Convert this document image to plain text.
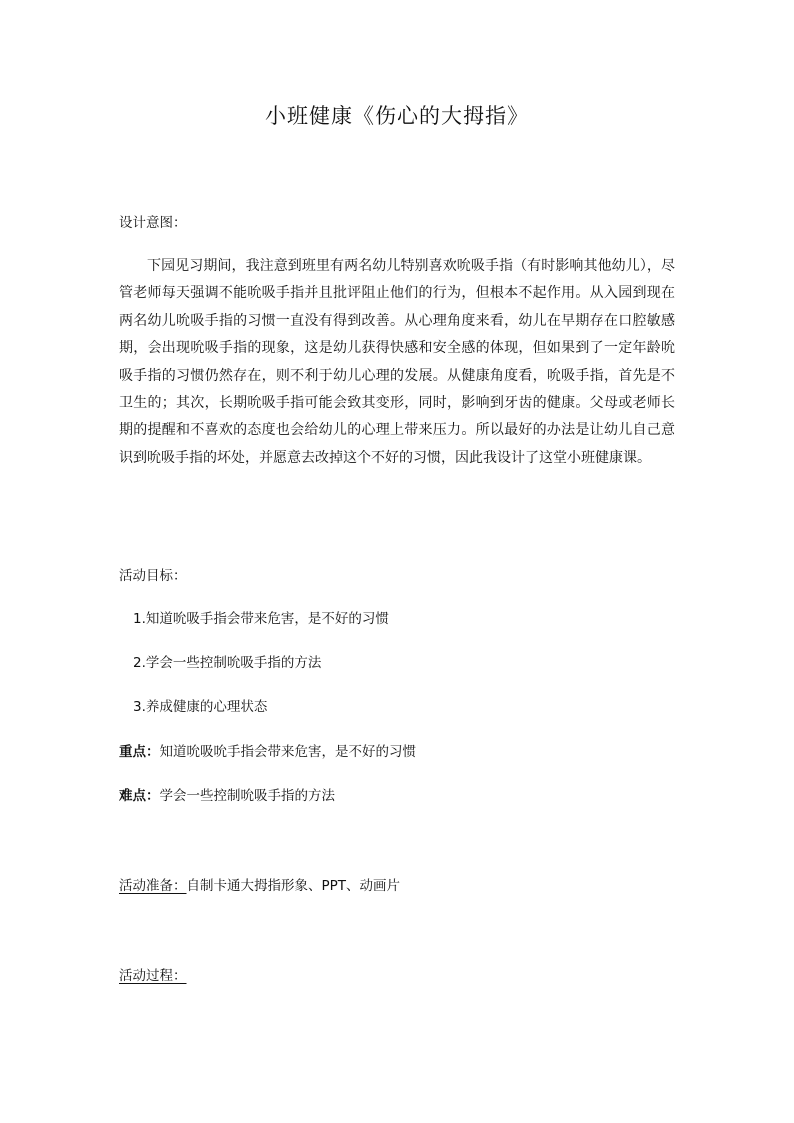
小班健康《伤心的大拇指》
设计意图：

下园见习期间，我注意到班里有两名幼儿特别喜欢吮吸手指（有时影响其他幼儿），尽管老师每天强调不能吮吸手指并且批评阻止他们的行为，但根本不起作用。从入园到现在两名幼儿吮吸手指的习惯一直没有得到改善。从心理角度来看，幼儿在早期存在口腔敏感期，会出现吮吸手指的现象，这是幼儿获得快感和安全感的体现，但如果到了一定年龄吮吸手指的习惯仍然存在，则不利于幼儿心理的发展。从健康角度看，吮吸手指，首先是不卫生的；其次，长期吮吸手指可能会致其变形，同时，影响到牙齿的健康。父母或老师长期的提醒和不喜欢的态度也会给幼儿的心理上带来压力。所以最好的办法是让幼儿自己意识到吮吸手指的坏处，并愿意去改掉这个不好的习惯，因此我设计了这堂小班健康课。

活动目标：
1.知道吮吸手指会带来危害，是不好的习惯
2.学会一些控制吮吸手指的方法
3.养成健康的心理状态
重点：知道吮吸吮手指会带来危害，是不好的习惯
难点：学会一些控制吮吸手指的方法
活动准备：自制卡通大拇指形象、PPT、动画片
活动过程：
